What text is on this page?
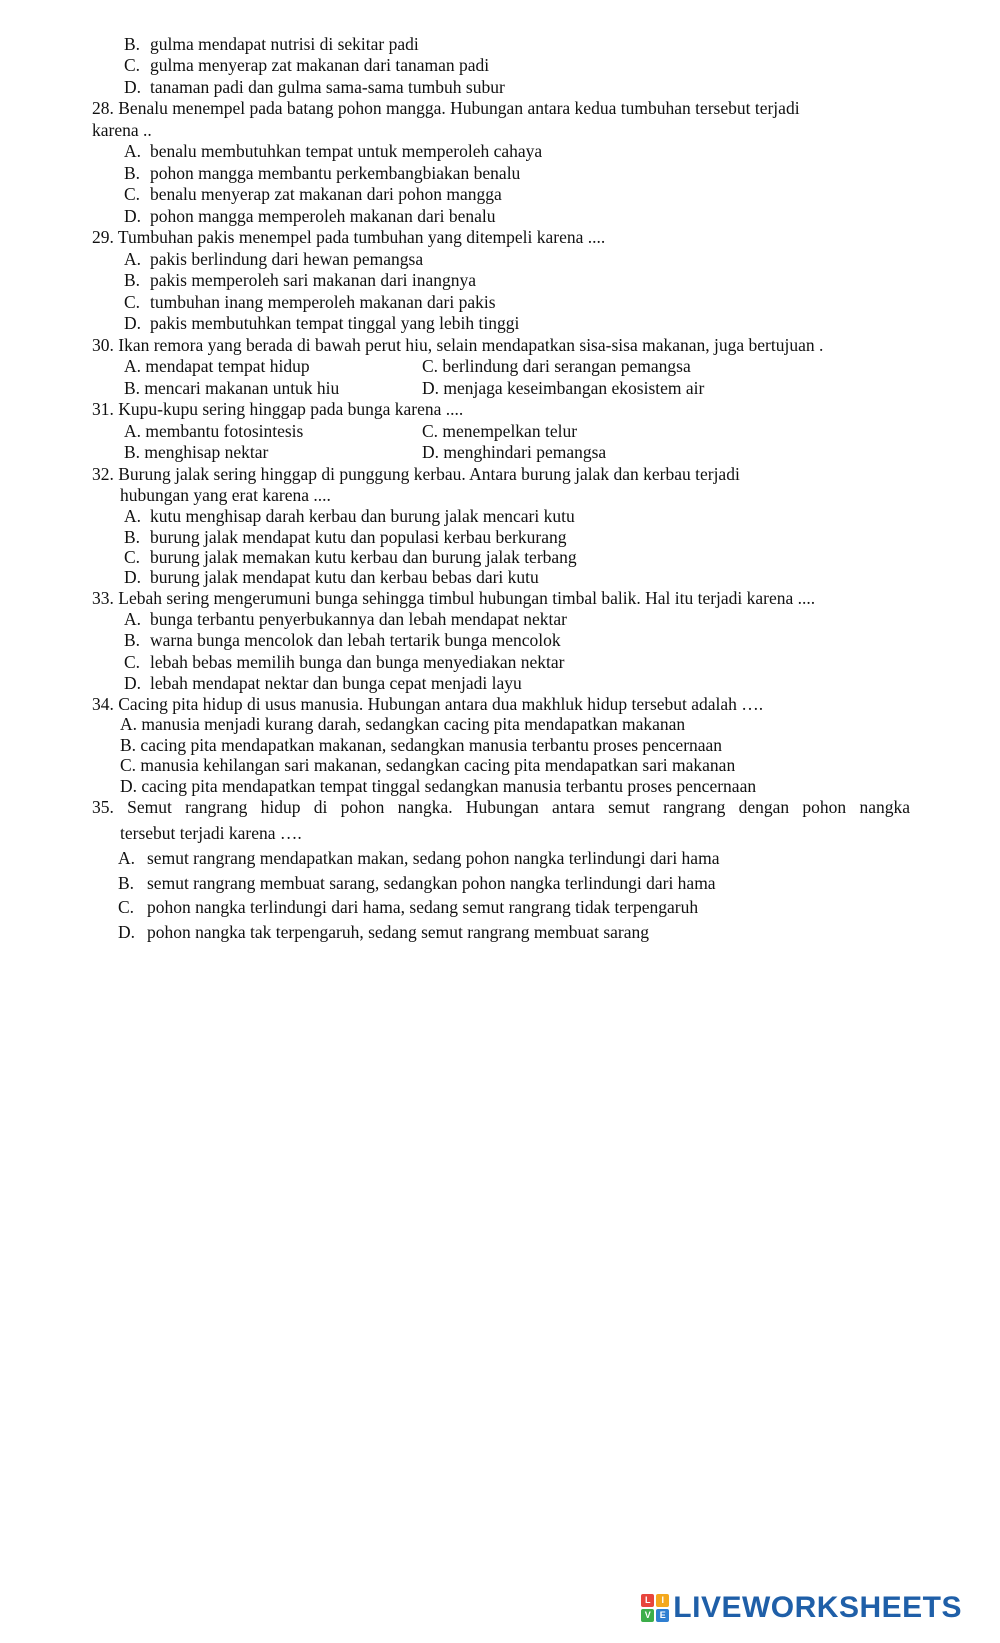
B. gulma mendapat nutrisi di sekitar padi
C. gulma menyerap zat makanan dari tanaman padi
D. tanaman padi dan gulma sama-sama tumbuh subur
28. Benalu menempel pada batang pohon mangga. Hubungan antara kedua tumbuhan tersebut terjadi
karena ..
A. benalu membutuhkan tempat untuk memperoleh cahaya
B. pohon mangga membantu perkembangbiakan benalu
C. benalu menyerap zat makanan dari pohon mangga
D. pohon mangga memperoleh makanan dari benalu
29. Tumbuhan pakis menempel pada tumbuhan yang ditempeli karena ....
A. pakis berlindung dari hewan pemangsa
B. pakis memperoleh sari makanan dari inangnya
C. tumbuhan inang memperoleh makanan dari pakis
D. pakis membutuhkan tempat tinggal yang lebih tinggi
30. Ikan remora yang berada di bawah perut hiu, selain mendapatkan sisa-sisa makanan, juga bertujuan .
A. mendapat tempat hidup	C. berlindung dari serangan pemangsa
B. mencari makanan untuk hiu	D. menjaga keseimbangan ekosistem air
31. Kupu-kupu sering hinggap pada bunga karena ....
A. membantu fotosintesis	C. menempelkan telur
B. menghisap nektar	D. menghindari pemangsa
32. Burung jalak sering hinggap di punggung kerbau. Antara burung jalak dan kerbau terjadi
hubungan yang erat karena ....
A. kutu menghisap darah kerbau dan burung jalak mencari kutu
B. burung jalak mendapat kutu dan populasi kerbau berkurang
C. burung jalak memakan kutu kerbau dan burung jalak terbang
D. burung jalak mendapat kutu dan kerbau bebas dari kutu
33. Lebah sering mengerumuni bunga sehingga timbul hubungan timbal balik. Hal itu terjadi karena ....
A. bunga terbantu penyerbukannya dan lebah mendapat nektar
B. warna bunga mencolok dan lebah tertarik bunga mencolok
C. lebah bebas memilih bunga dan bunga menyediakan nektar
D. lebah mendapat nektar dan bunga cepat menjadi layu
34. Cacing pita hidup di usus manusia. Hubungan antara dua makhluk hidup tersebut adalah ….
A. manusia menjadi kurang darah, sedangkan cacing pita mendapatkan makanan
B. cacing pita mendapatkan makanan, sedangkan manusia terbantu proses pencernaan
C. manusia kehilangan sari makanan, sedangkan cacing pita mendapatkan sari makanan
D. cacing pita mendapatkan tempat tinggal sedangkan manusia terbantu proses pencernaan
35. Semut rangrang hidup di pohon nangka. Hubungan antara semut rangrang dengan pohon nangka
tersebut terjadi karena ….
A. semut rangrang mendapatkan makan, sedang pohon nangka terlindungi dari hama
B. semut rangrang membuat sarang, sedangkan pohon nangka terlindungi dari hama
C. pohon nangka terlindungi dari hama, sedang semut rangrang tidak terpengaruh
D. pohon nangka tak terpengaruh, sedang semut rangrang membuat sarang
L	I
V E LIVEWORKSHEETS
